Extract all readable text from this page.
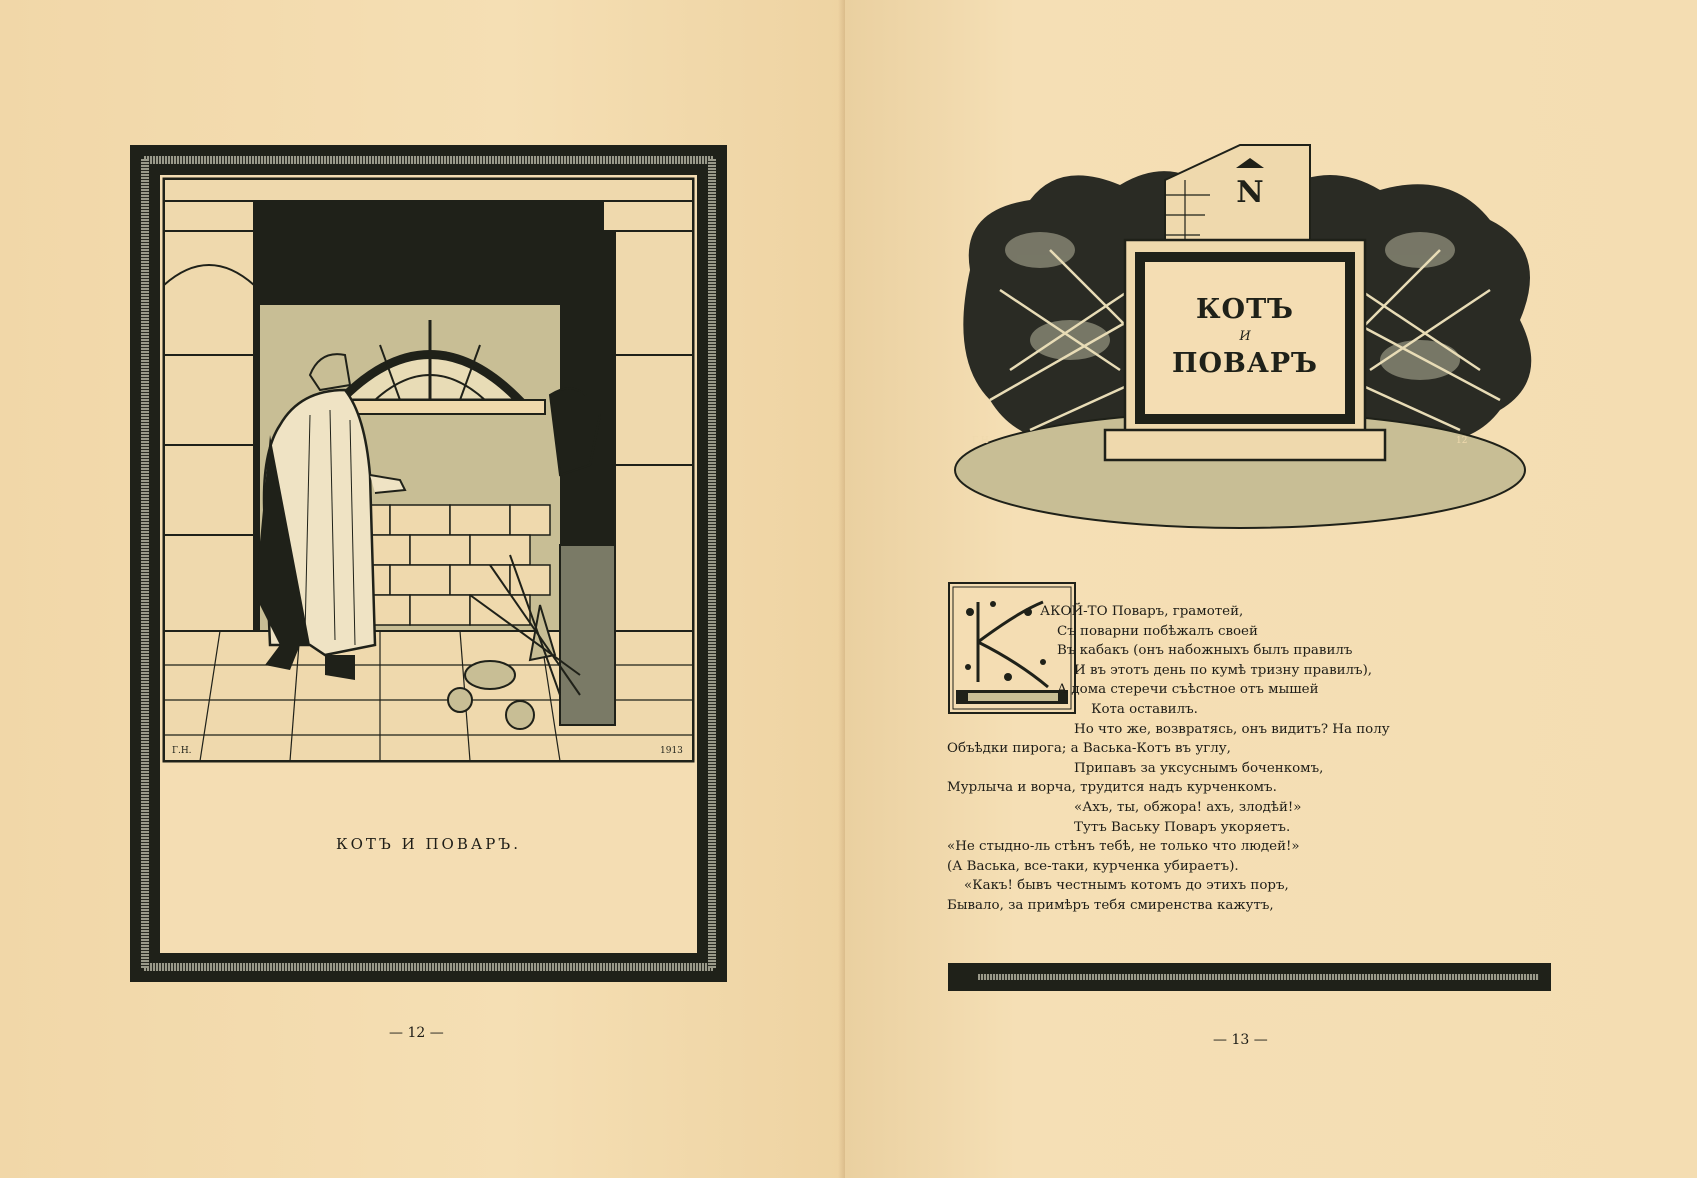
Г.Н.	1913
КОТЪ И ПОВАРЪ.
— 12 —
N
КОТЪ
И
ПОВАРЪ
Г.Н	12
АКОЙ-ТО Поваръ, грамотей,
Съ поварни побѣжалъ своей
Въ кабакъ (онъ набожныхъ былъ правилъ
И въ этотъ день по кумѣ тризну правилъ),
А дома стеречи съѣстное отъ мышей
Кота оставилъ.
Но что же, возвратясь, онъ видитъ? На полу
Объѣдки пирога; а Васька-Котъ въ углу,
Припавъ за уксуснымъ боченкомъ,
Мурлыча и ворча, трудится надъ курченкомъ.
«Ахъ, ты, обжора! ахъ, злодѣй!»
Тутъ Ваську Поваръ укоряетъ.
«Не стыдно-ль стѣнъ тебѣ, не только что людей!»
(А Васька, все-таки, курченка убираетъ).
«Какъ! бывъ честнымъ котомъ до этихъ поръ,
Бывало, за примѣръ тебя смиренства кажутъ,
— 13 —
